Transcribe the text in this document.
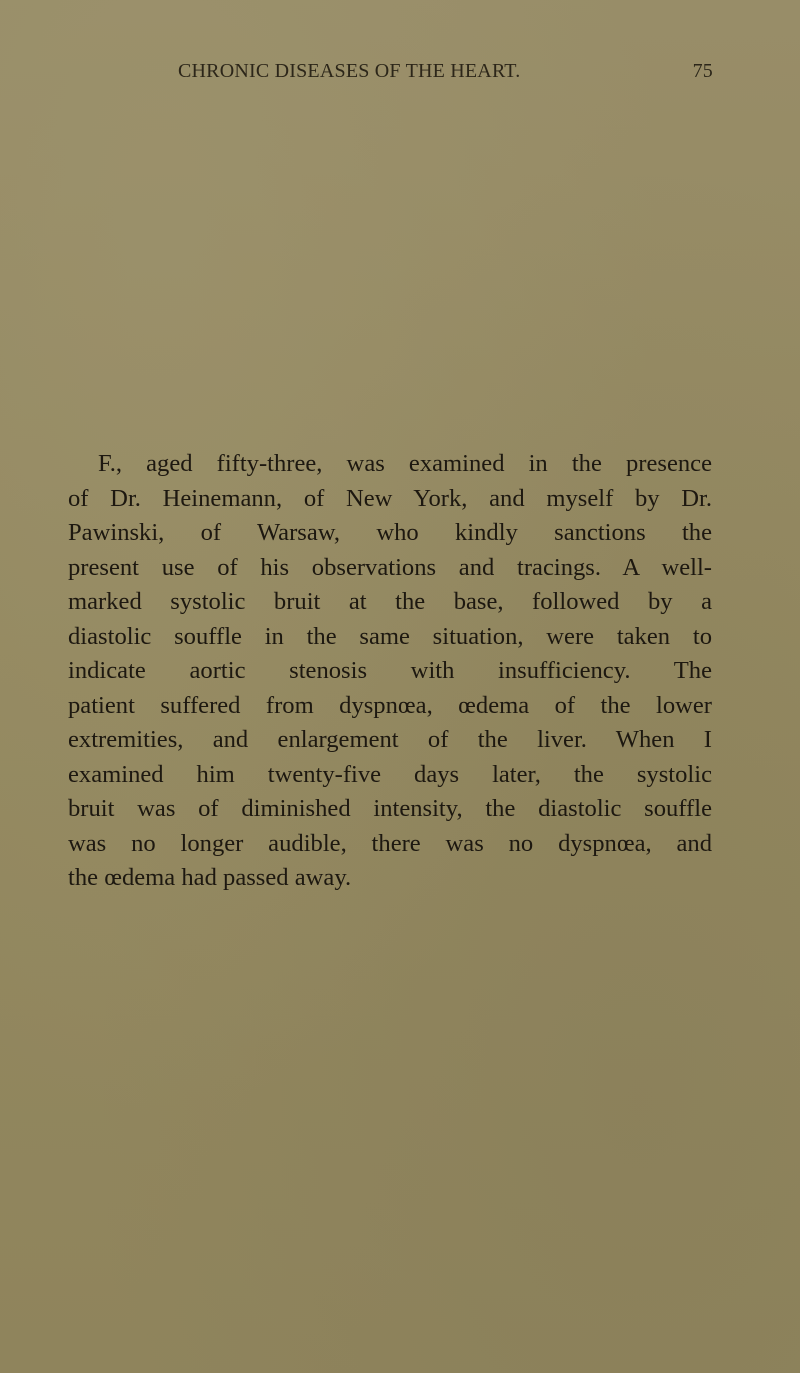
CHRONIC DISEASES OF THE HEART.	75
F., aged fifty-three, was examined in the presence
of Dr. Heinemann, of New York, and myself by Dr.
Pawinski, of Warsaw, who kindly sanctions the
present use of his observations and tracings. A well-
marked systolic bruit at the base, followed by a
diastolic souffle in the same situation, were taken to
indicate aortic stenosis with insufficiency. The
patient suffered from dyspnœa, œdema of the lower
extremities, and enlargement of the liver. When I
examined him twenty-five days later, the systolic
bruit was of diminished intensity, the diastolic souffle
was no longer audible, there was no dyspnœa, and
the œdema had passed away.
